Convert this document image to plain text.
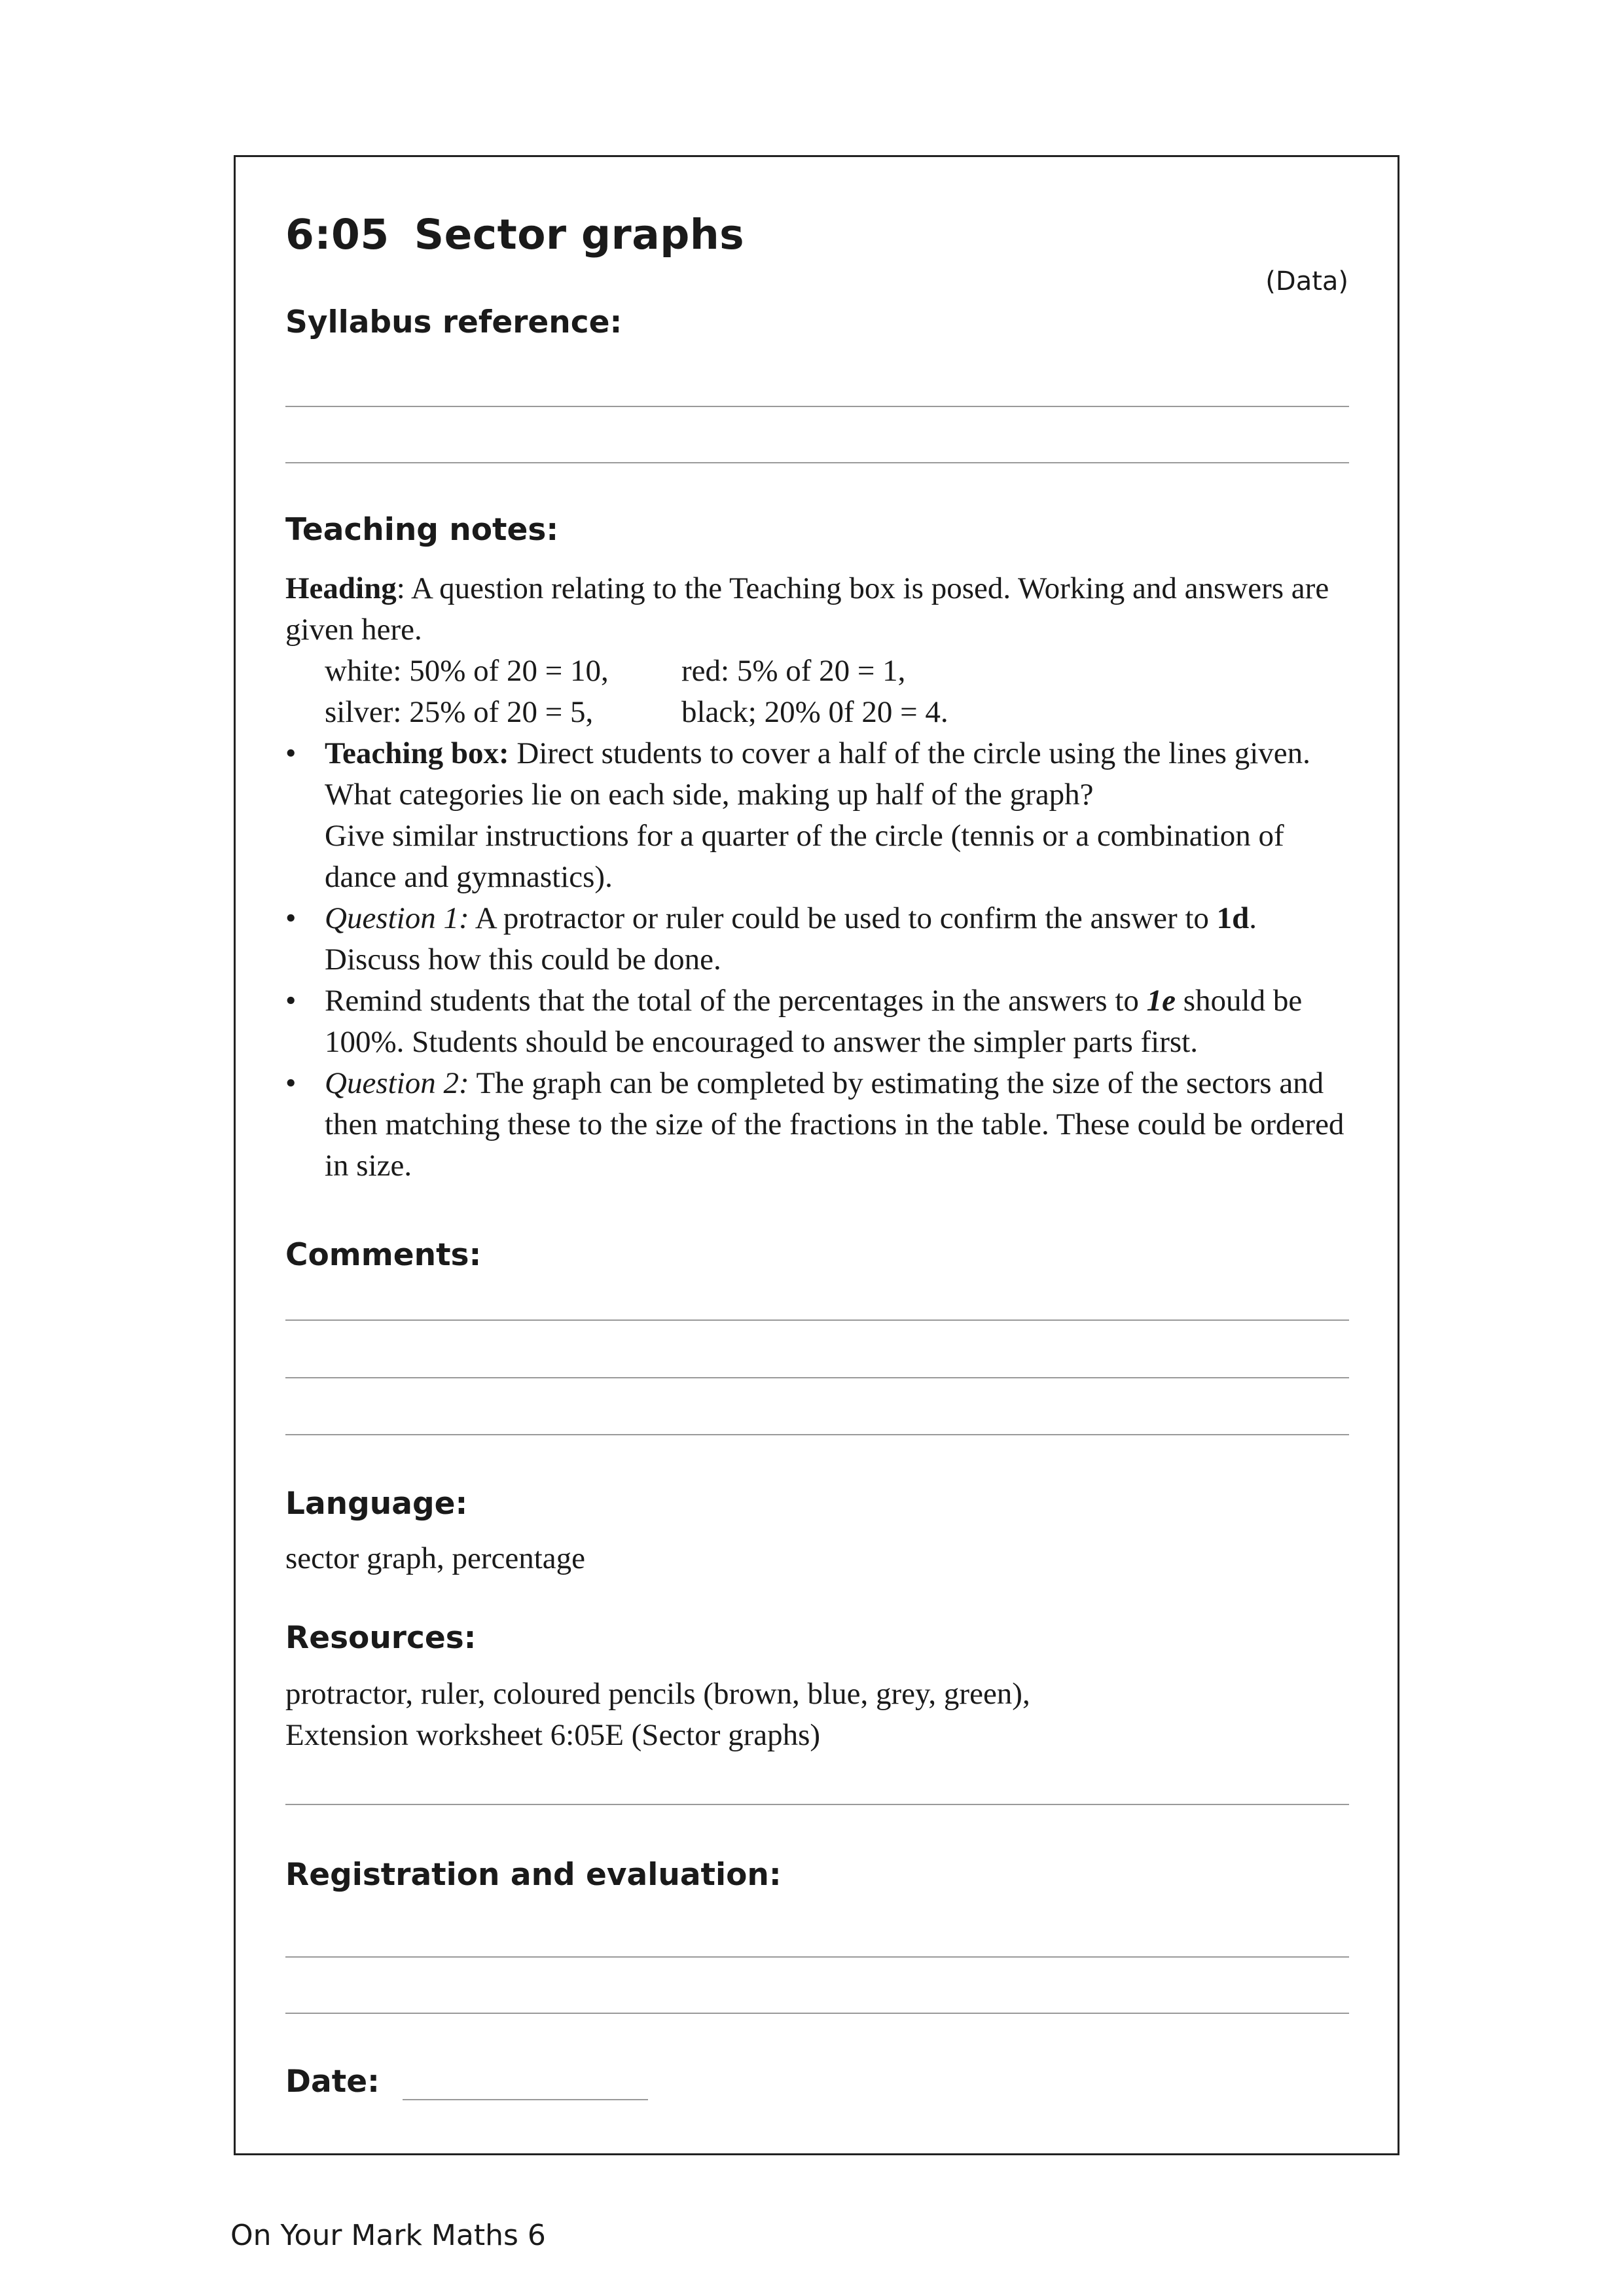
6:05 Sector graphs
(Data)
Syllabus reference:
Teaching notes:

Heading: A question relating to the Teaching box is posed. Working and answers are given here.

white: 50% of 20 = 10, red: 5% of 20 = 1,

silver: 25% of 20 = 5,	black; 20% 0f 20 = 4.

• Teaching box: Direct students to cover a half of the circle using the lines given. What categories lie on each side, making up half of the graph?
Give similar instructions for a quarter of the circle (tennis or a combination of dance and gymnastics).
• Question 1: A protractor or ruler could be used to confirm the answer to 1d. Discuss how this could be done.
• Remind students that the total of the percentages in the answers to 1e should be 100%. Students should be encouraged to answer the simpler parts first.
• Question 2: The graph can be completed by estimating the size of the sectors and then matching these to the size of the fractions in the table. These could be ordered in size.
Comments:
Language:
sector graph, percentage
Resources:

protractor, ruler, coloured pencils (brown, blue, grey, green),

Extension worksheet 6:05E (Sector graphs)

Registration and evaluation:
Date:
On Your Mark Maths 6
